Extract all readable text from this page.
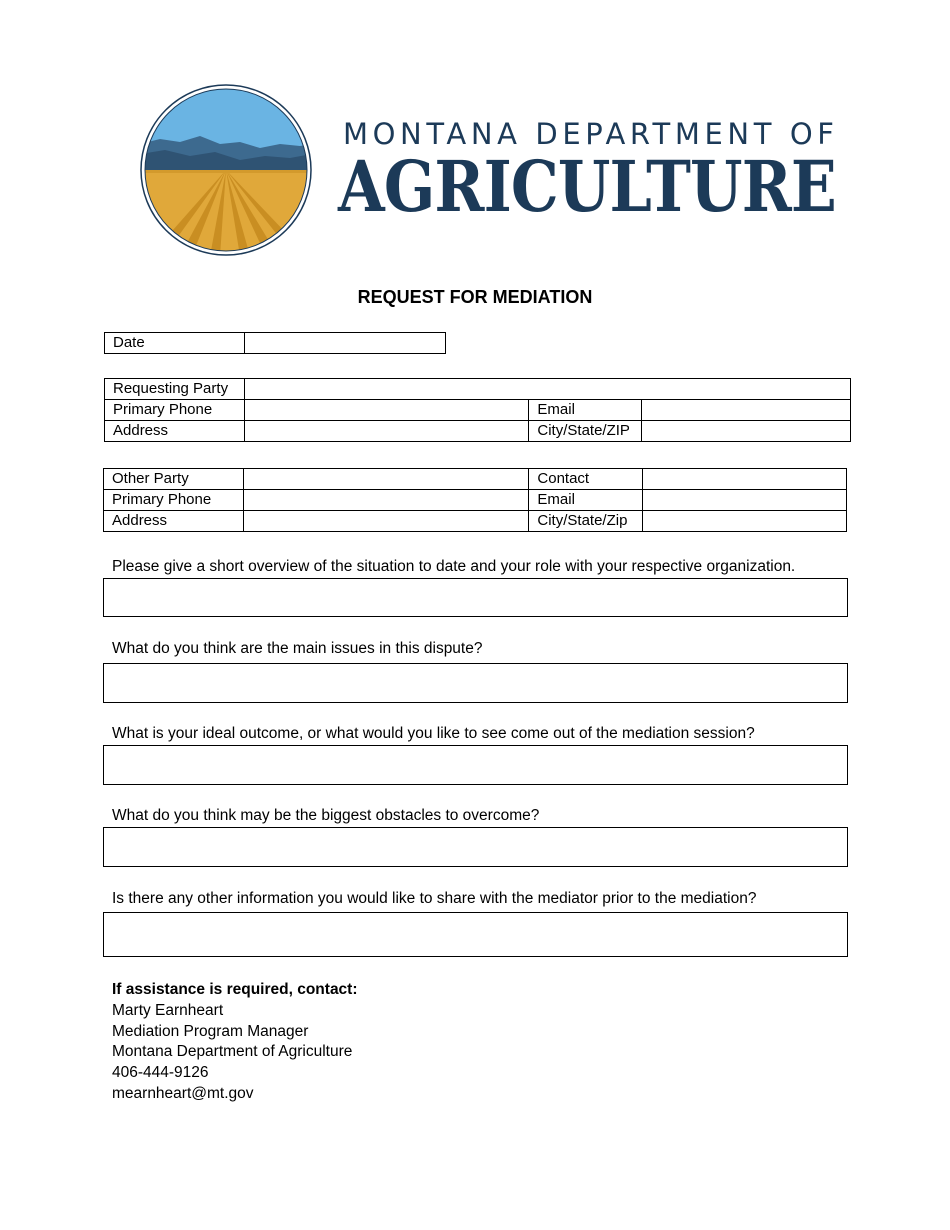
MONTANA DEPARTMENT OF
AGRICULTURE
REQUEST FOR MEDIATION
Date	
Requesting Party			
Primary Phone		Email	
Address		City/State/ZIP	
Other Party		Contact	
Primary Phone		Email	
Address		City/State/Zip	
Please give a short overview of the situation to date and your role with your respective organization.
What do you think are the main issues in this dispute?
What is your ideal outcome, or what would you like to see come out of the mediation session?
What do you think may be the biggest obstacles to overcome?
Is there any other information you would like to share with the mediator prior to the mediation?
If assistance is required, contact:
Marty Earnheart
Mediation Program Manager
Montana Department of Agriculture
406-444-9126
mearnheart@mt.gov
